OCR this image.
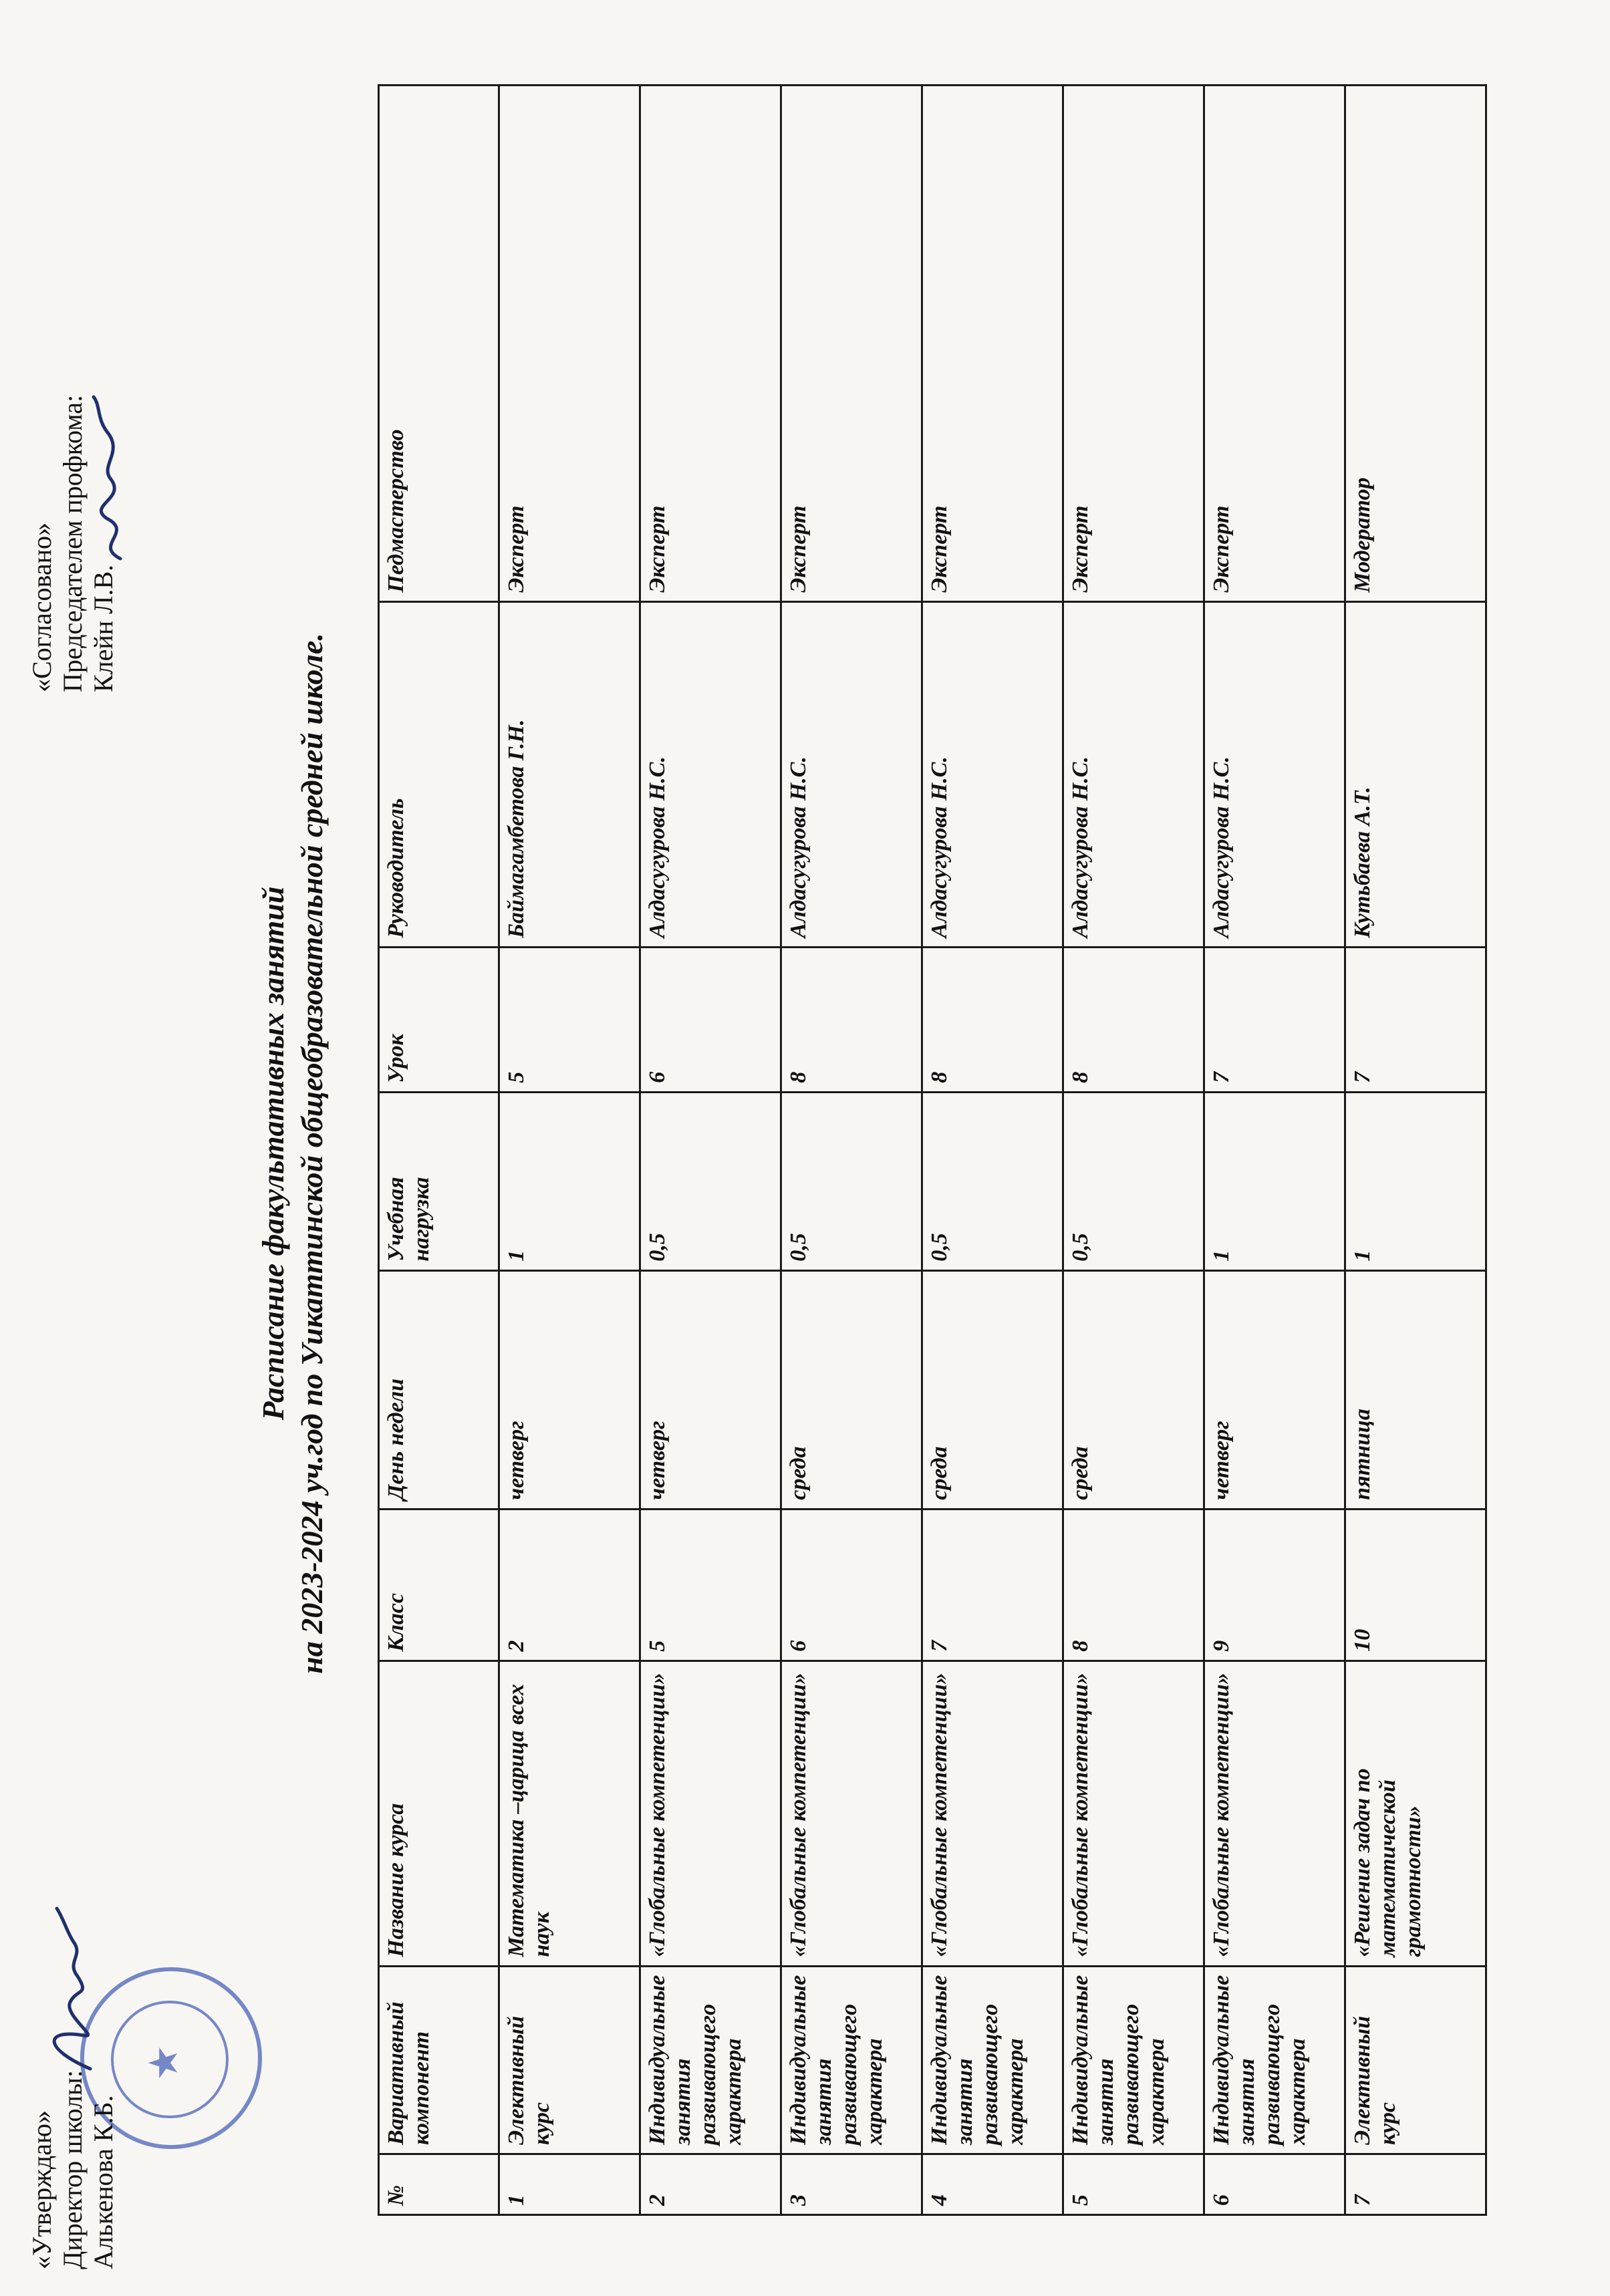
★
«Утверждаю» Директор школы: Алькенова К.Б.
«Согласовано» Председателем профкома: Клейн Л.В.
Расписание факультативных занятий на 2023-2024 уч.год по Уикаттинской общеобразовательной средней школе.
№	Вариативный компонент	Название курса	Класс	День недели	Учебная нагрузка	Урок	Руководитель	Педмастерство
1	Элективный курс	Математика –царица всех наук	2	четверг	1	5	Баймагамбетова Г.Н.	Эксперт
2	Индивидуальные занятия развивающего характера	«Глобальные компетенции»	5	четверг	0,5	6	Алдасугурова Н.С.	Эксперт
3	Индивидуальные занятия развивающего характера	«Глобальные компетенции»	6	среда	0,5	8	Алдасугурова Н.С.	Эксперт
4	Индивидуальные занятия развивающего характера	«Глобальные компетенции»	7	среда	0,5	8	Алдасугурова Н.С.	Эксперт
5	Индивидуальные занятия развивающего характера	«Глобальные компетенции»	8	среда	0,5	8	Алдасугурова Н.С.	Эксперт
6	Индивидуальные занятия развивающего характера	«Глобальные компетенции»	9	четверг	1	7	Алдасугурова Н.С.	Эксперт
7	Элективный курс	«Решение задач по математической грамотности»	10	пятница	1	7	Кутьбаева А.Т.	Модератор
